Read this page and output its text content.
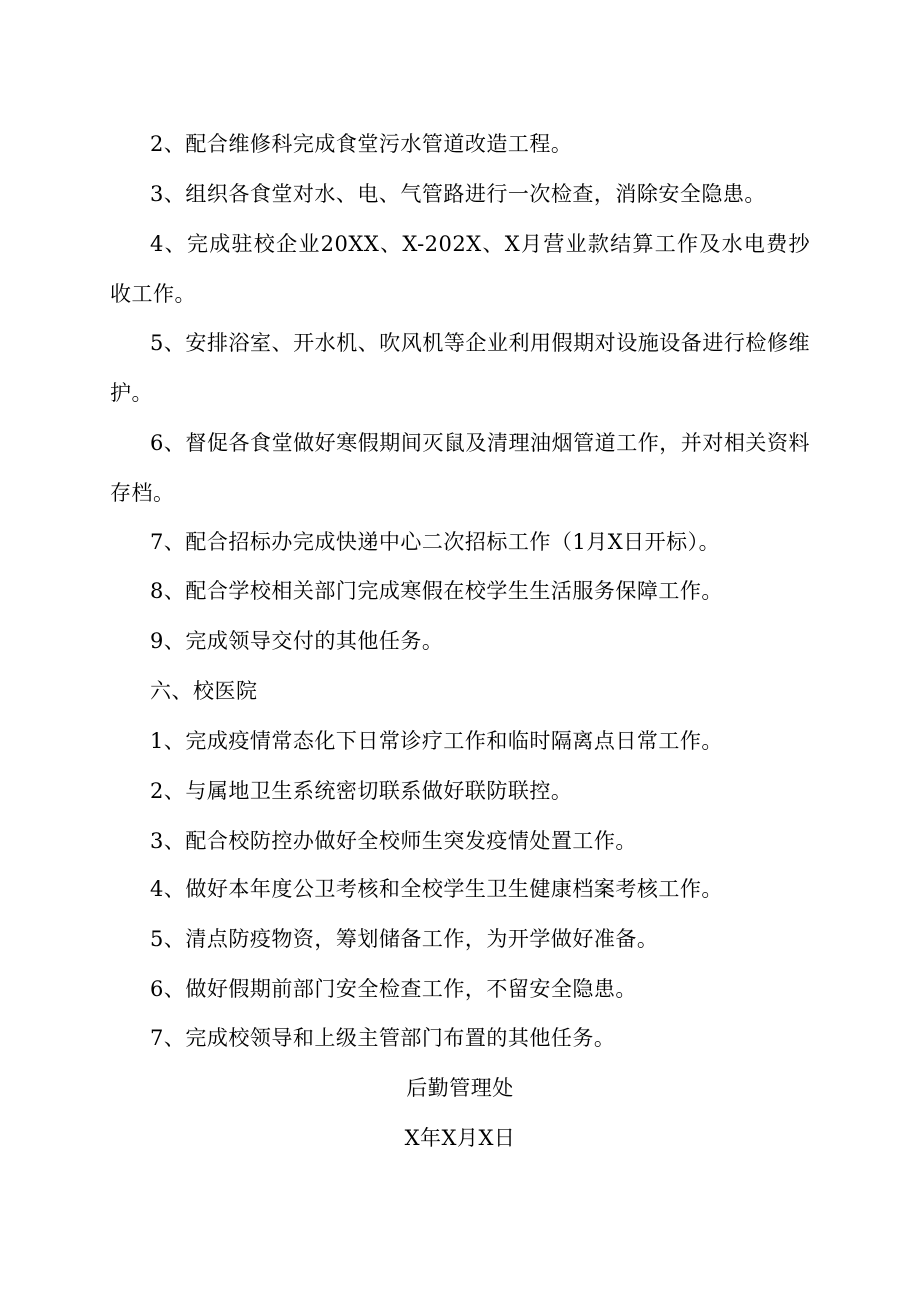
2、配合维修科完成食堂污水管道改造工程。

3、组织各食堂对水、电、气管路进行一次检查，消除安全隐患。

4、完成驻校企业20XX、X-202X、X月营业款结算工作及水电费抄收工作。

5、安排浴室、开水机、吹风机等企业利用假期对设施设备进行检修维护。

6、督促各食堂做好寒假期间灭鼠及清理油烟管道工作，并对相关资料存档。

7、配合招标办完成快递中心二次招标工作（1月X日开标）。

8、配合学校相关部门完成寒假在校学生生活服务保障工作。

9、完成领导交付的其他任务。

六、校医院

1、完成疫情常态化下日常诊疗工作和临时隔离点日常工作。

2、与属地卫生系统密切联系做好联防联控。

3、配合校防控办做好全校师生突发疫情处置工作。

4、做好本年度公卫考核和全校学生卫生健康档案考核工作。

5、清点防疫物资，筹划储备工作，为开学做好准备。

6、做好假期前部门安全检查工作，不留安全隐患。

7、完成校领导和上级主管部门布置的其他任务。

后勤管理处

X年X月X日
